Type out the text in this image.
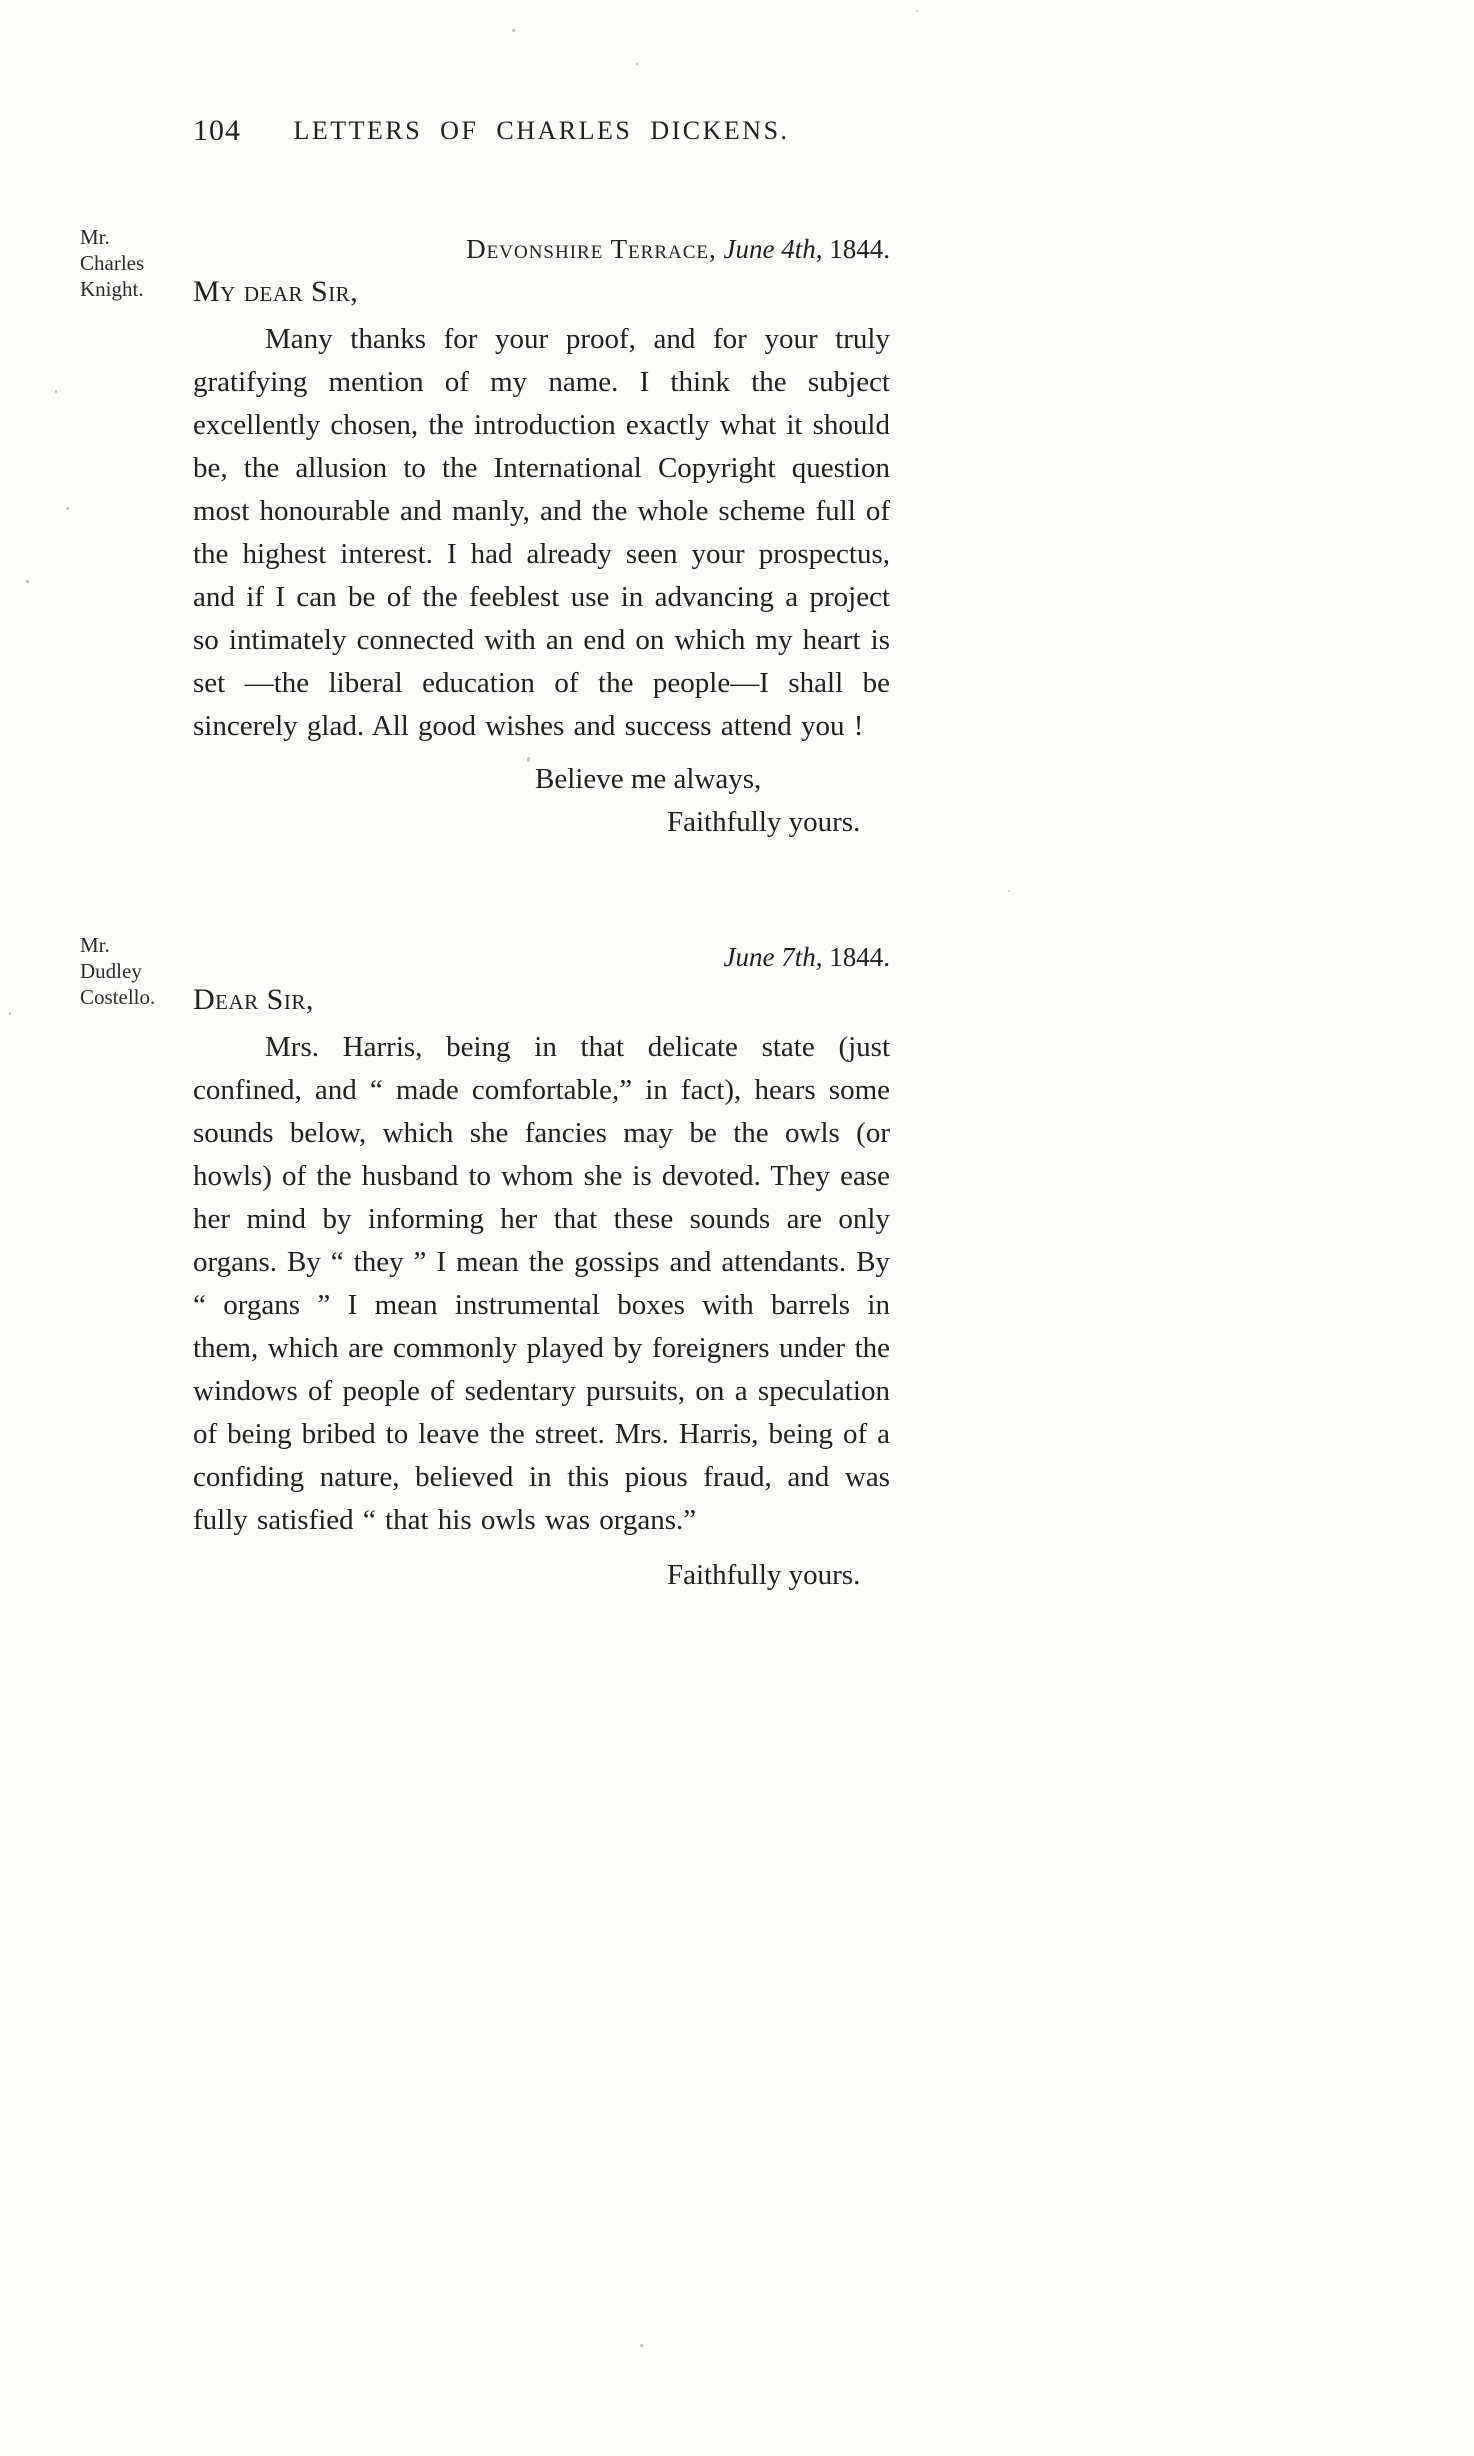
104	LETTERS OF CHARLES DICKENS.
Mr.
Charles
Knight.
Devonshire Terrace, June 4th, 1844.
My dear Sir,

Many thanks for your proof, and for your truly gratifying mention of my name. I think the subject excellently chosen, the introduction exactly what it should be, the allusion to the International Copyright question most honourable and manly, and the whole scheme full of the highest interest. I had already seen your prospectus, and if I can be of the feeblest use in advancing a project so intimately connected with an end on which my heart is set —the liberal education of the people—I shall be sincerely glad. All good wishes and success attend you !

Believe me always,
Faithfully yours.
Mr.
Dudley
Costello.
June 7th, 1844.
Dear Sir,

Mrs. Harris, being in that delicate state (just confined, and “ made comfortable,” in fact), hears some sounds below, which she fancies may be the owls (or howls) of the husband to whom she is devoted. They ease her mind by informing her that these sounds are only organs. By “ they ” I mean the gossips and attendants. By “ organs ” I mean instrumental boxes with barrels in them, which are commonly played by foreigners under the windows of people of sedentary pursuits, on a speculation of being bribed to leave the street. Mrs. Harris, being of a confiding nature, believed in this pious fraud, and was fully satisfied “ that his owls was organs.”

Faithfully yours.
